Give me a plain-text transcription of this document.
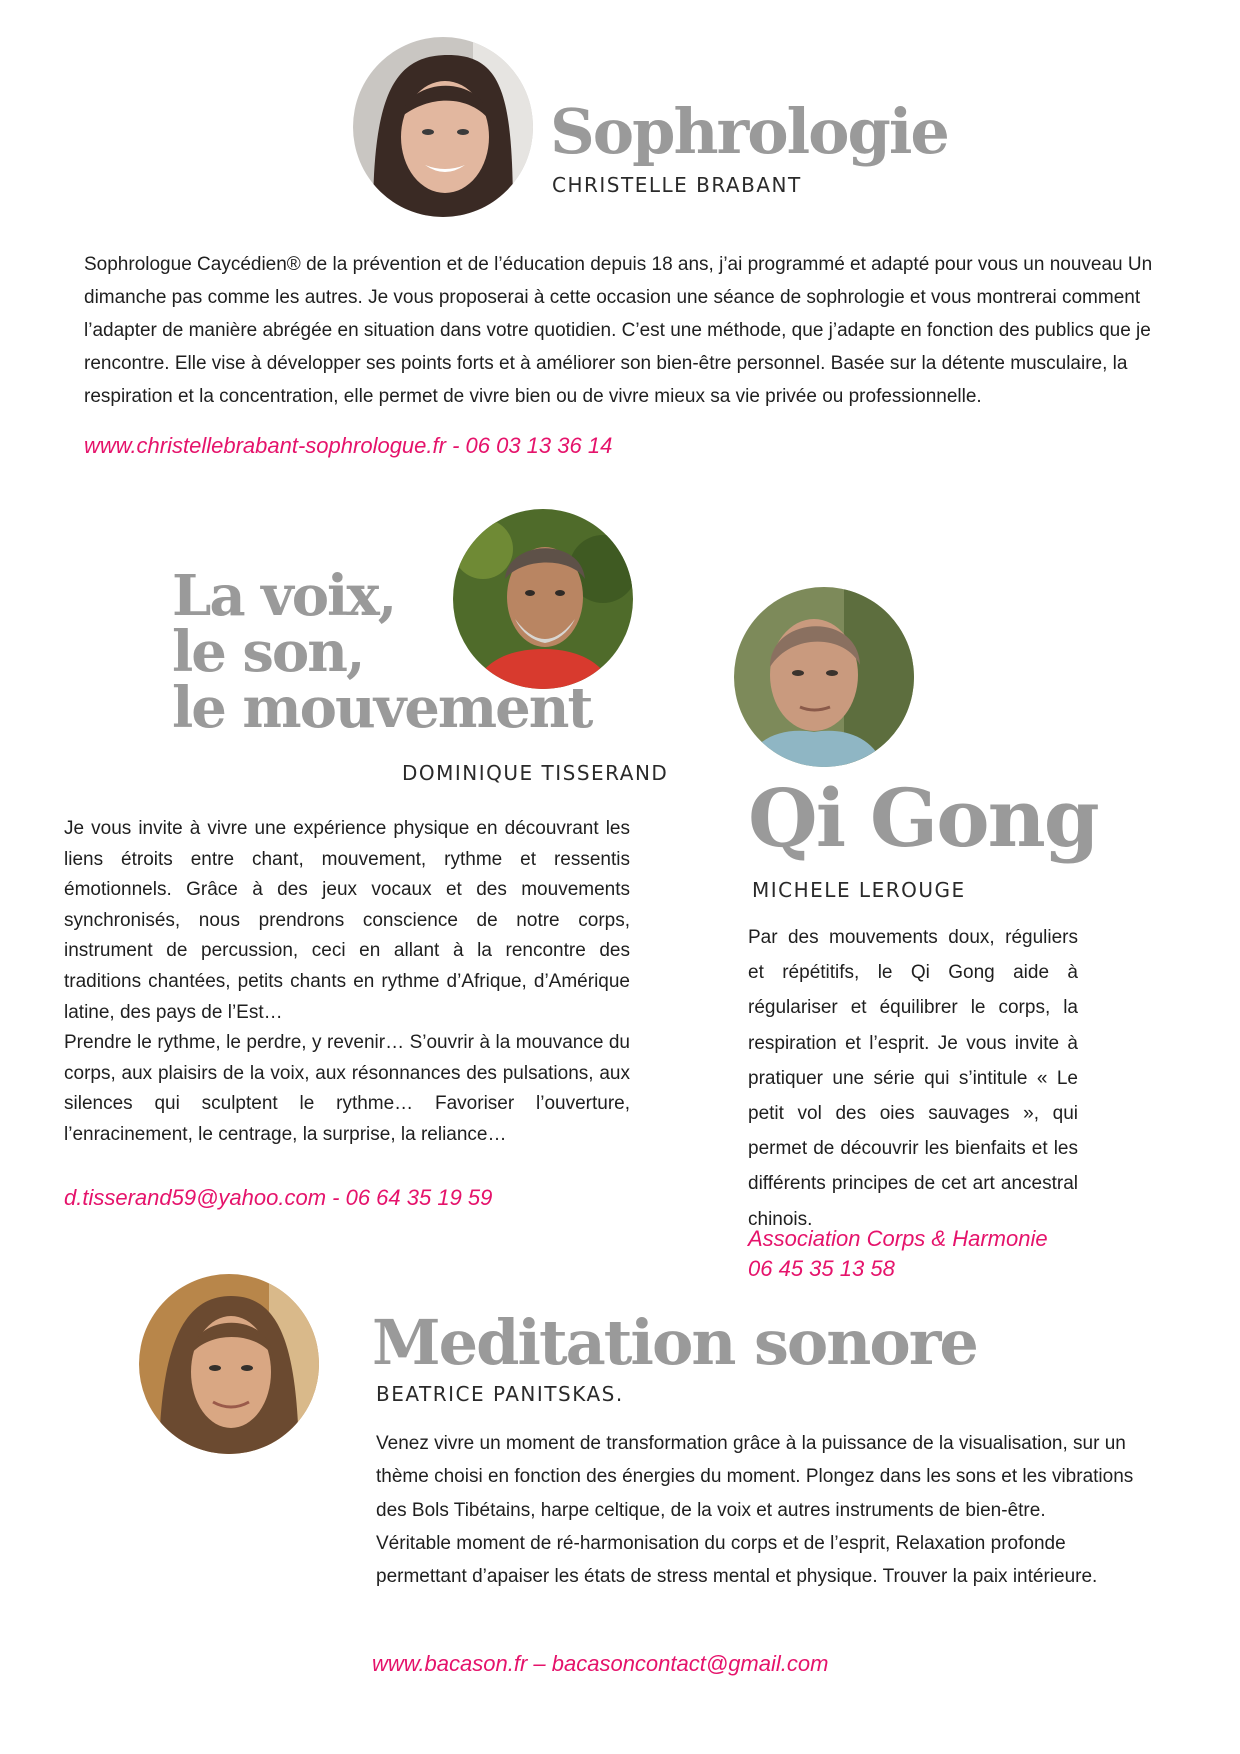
Sophrologie
CHRISTELLE BRABANT
Sophrologue Caycédien® de la prévention et de l’éducation depuis 18 ans, j’ai programmé et adapté pour vous un nouveau Un dimanche pas comme les autres. Je vous proposerai à cette occasion une séance de sophrologie et vous montrerai comment l’adapter de manière abrégée en situation dans votre quotidien. C’est une méthode, que j’adapte en fonction des publics que je rencontre. Elle vise à développer ses points forts et à améliorer son bien-être personnel. Basée sur la détente musculaire, la respiration et la concentration, elle permet de vivre bien ou de vivre mieux sa vie privée ou professionnelle.
www.christellebrabant-sophrologue.fr - 06 03 13 36 14
La voix,
le son,
le mouvement
DOMINIQUE TISSERAND

Je vous invite à vivre une expérience physique en découvrant les liens étroits entre chant, mouvement, rythme et ressentis émotionnels. Grâce à des jeux vocaux et des mouvements synchronisés, nous prendrons conscience de notre corps, instrument de percussion, ceci en allant à la rencontre des traditions chantées, petits chants en rythme d’Afrique, d’Amérique latine, des pays de l’Est…

Prendre le rythme, le perdre, y revenir… S’ouvrir à la mouvance du corps, aux plaisirs de la voix, aux résonnances des pulsations, aux silences qui sculptent le rythme… Favoriser l’ouverture, l’enracinement, le centrage, la surprise, la reliance…

d.tisserand59@yahoo.com - 06 64 35 19 59
Qi Gong
MICHELE LEROUGE
Par des mouvements doux, réguliers et répétitifs, le Qi Gong aide à régulariser et équilibrer le corps, la respiration et l’esprit. Je vous invite à pratiquer une série qui s’intitule « Le petit vol des oies sauvages », qui permet de découvrir les bienfaits et les différents principes de cet art ancestral chinois.
Association Corps & Harmonie
06 45 35 13 58
Meditation sonore
BEATRICE PANITSKAS.

Venez vivre un moment de transformation grâce à la puissance de la visualisation, sur un thème choisi en fonction des énergies du moment. Plongez dans les sons et les vibrations des Bols Tibétains, harpe celtique, de la voix et autres instruments de bien-être.

Véritable moment de ré-harmonisation du corps et de l’esprit, Relaxation profonde permettant d’apaiser les états de stress mental et physique. Trouver la paix intérieure.

www.bacason.fr – bacasoncontact@gmail.com
